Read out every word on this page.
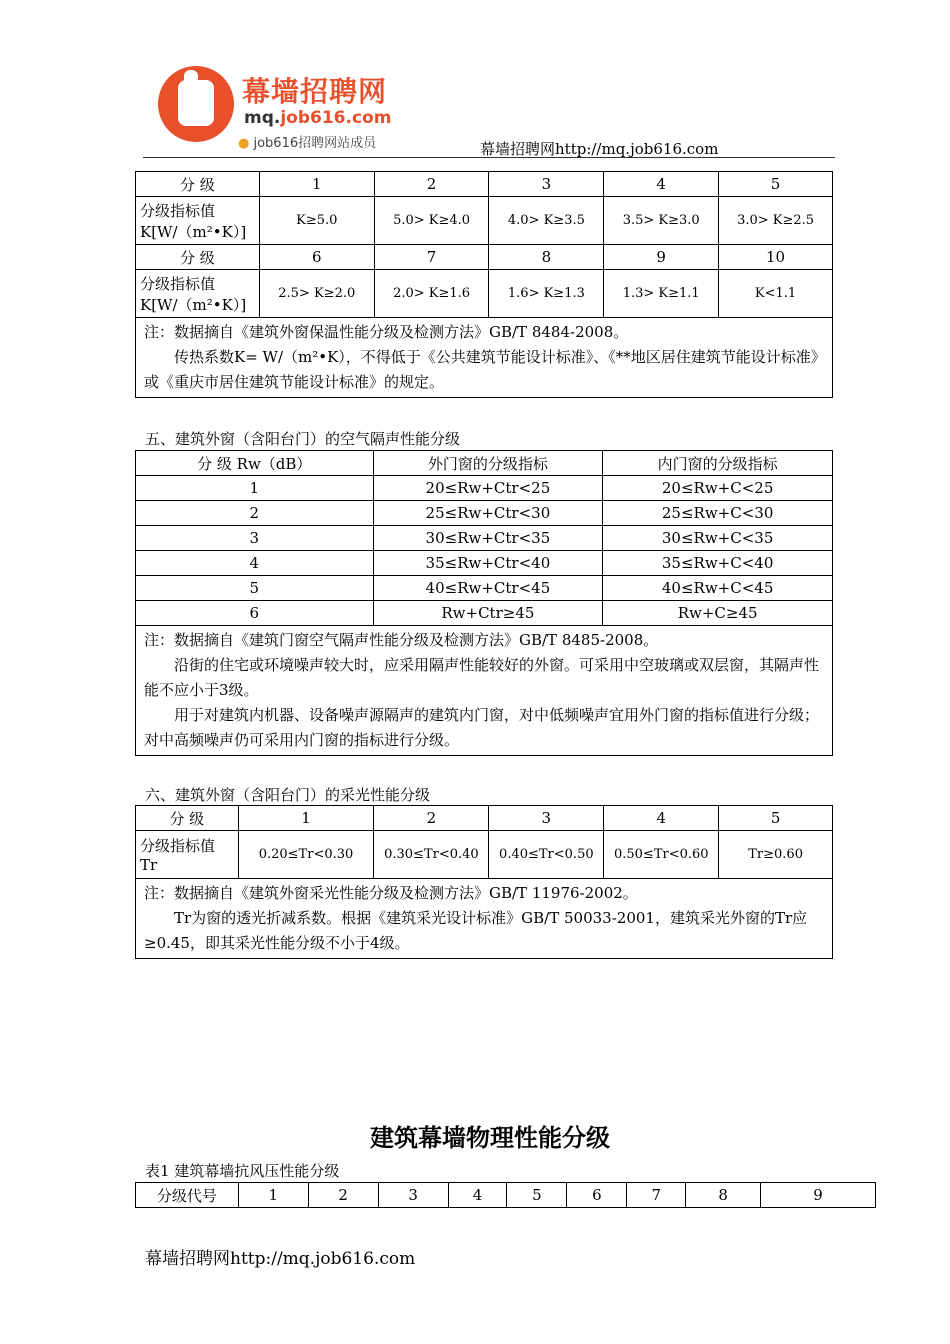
幕墙招聘网
mq.job616.com
● job616招聘网站成员	幕墙招聘网http://mq.job616.com
分 级	1	2	3	4	5

分级指标值
K[W/（m²•K）]	K≥5.0	5.0> K≥4.0	4.0> K≥3.5	3.5> K≥3.0	3.0> K≥2.5
分 级	6	7	8	9	10

分级指标值
K[W/（m²•K）]	2.5> K≥2.0	2.0> K≥1.6	1.6> K≥1.3	1.3> K≥1.1	K<1.1

注：数据摘自《建筑外窗保温性能分级及检测方法》GB/T 8484-2008。
传热系数K= W/（m²•K），不得低于《公共建筑节能设计标准》、《**地区居住建筑节能设计标准》或《重庆市居住建筑节能设计标准》的规定。					
五、建筑外窗（含阳台门）的空气隔声性能分级
分 级 Rw（dB）	外门窗的分级指标	内门窗的分级指标
1	20≤Rw+Ctr<25	20≤Rw+C<25
2	25≤Rw+Ctr<30	25≤Rw+C<30
3	30≤Rw+Ctr<35	30≤Rw+C<35
4	35≤Rw+Ctr<40	35≤Rw+C<40
5	40≤Rw+Ctr<45	40≤Rw+C<45
6	Rw+Ctr≥45	Rw+C≥45

注：数据摘自《建筑门窗空气隔声性能分级及检测方法》GB/T 8485-2008。
沿街的住宅或环境噪声较大时，应采用隔声性能较好的外窗。可采用中空玻璃或双层窗，其隔声性能不应小于3级。
用于对建筑内机器、设备噪声源隔声的建筑内门窗，对中低频噪声宜用外门窗的指标值进行分级；对中高频噪声仍可采用内门窗的指标进行分级。		
六、建筑外窗（含阳台门）的采光性能分级
分 级	1	2	3	4	5

分级指标值
Tr	0.20≤Tr<0.30	0.30≤Tr<0.40	0.40≤Tr<0.50	0.50≤Tr<0.60	Tr≥0.60

注：数据摘自《建筑外窗采光性能分级及检测方法》GB/T 11976-2002。
Tr为窗的透光折减系数。根据《建筑采光设计标准》GB/T 50033-2001，建筑采光外窗的Tr应≥0.45，即其采光性能分级不小于4级。					
建筑幕墙物理性能分级
表1 建筑幕墙抗风压性能分级
分级代号	1	2	3	4	5	6	7	8	9
幕墙招聘网http://mq.job616.com
